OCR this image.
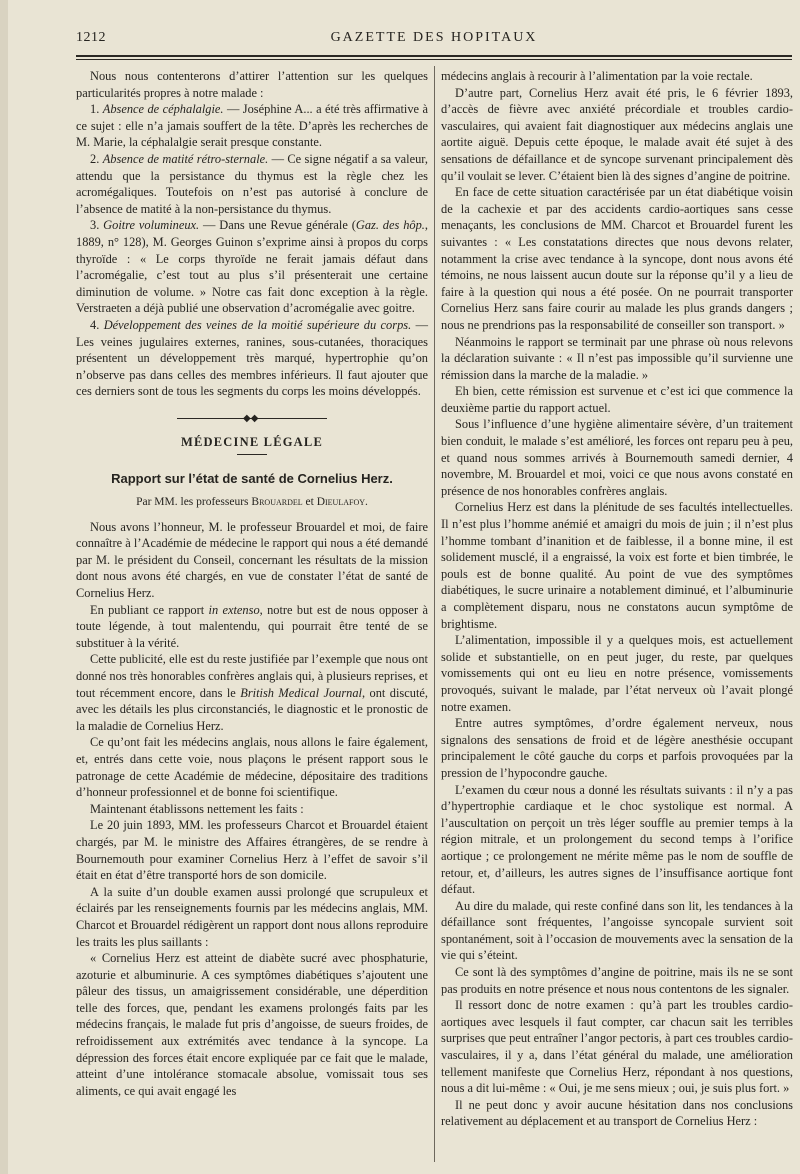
1212	GAZETTE DES HOPITAUX

Nous nous contenterons d’attirer l’attention sur les quelques particularités propres à notre malade :

1. Absence de céphalalgie. — Joséphine A... a été très affirmative à ce sujet : elle n’a jamais souffert de la tête. D’après les recherches de M. Marie, la céphalalgie serait presque constante.

2. Absence de matité rétro-sternale. — Ce signe négatif a sa valeur, attendu que la persistance du thymus est la règle chez les acromégaliques. Toutefois on n’est pas autorisé à conclure de l’absence de matité à la non-persistance du thymus.

3. Goitre volumineux. — Dans une Revue générale (Gaz. des hôp., 1889, n° 128), M. Georges Guinon s’exprime ainsi à propos du corps thyroïde : « Le corps thyroïde ne ferait jamais défaut dans l’acromégalie, c’est tout au plus s’il présenterait une certaine diminution de volume. » Notre cas fait donc exception à la règle. Verstraeten a déjà publié une observation d’acromégalie avec goitre.

4. Développement des veines de la moitié supérieure du corps. — Les veines jugulaires externes, ranines, sous-cutanées, thoraciques présentent un développement très marqué, hypertrophie qu’on n’observe pas dans celles des membres inférieurs. Il faut ajouter que ces derniers sont de tous les segments du corps les moins développés.

◆◆
MÉDECINE LÉGALE
Rapport sur l’état de santé de Cornelius Herz.
Par MM. les professeurs Brouardel et Dieulafoy.

Nous avons l’honneur, M. le professeur Brouardel et moi, de faire connaître à l’Académie de médecine le rapport qui nous a été demandé par M. le président du Conseil, concernant les résultats de la mission dont nous avons été chargés, en vue de constater l’état de santé de Cornelius Herz.

En publiant ce rapport in extenso, notre but est de nous opposer à toute légende, à tout malentendu, qui pourrait être tenté de se substituer à la vérité.

Cette publicité, elle est du reste justifiée par l’exemple que nous ont donné nos très honorables confrères anglais qui, à plusieurs reprises, et tout récemment encore, dans le British Medical Journal, ont discuté, avec les détails les plus circonstanciés, le diagnostic et le pronostic de la maladie de Cornelius Herz.

Ce qu’ont fait les médecins anglais, nous allons le faire également, et, entrés dans cette voie, nous plaçons le présent rapport sous le patronage de cette Académie de médecine, dépositaire des traditions d’honneur professionnel et de bonne foi scientifique.

Maintenant établissons nettement les faits :

Le 20 juin 1893, MM. les professeurs Charcot et Brouardel étaient chargés, par M. le ministre des Affaires étrangères, de se rendre à Bournemouth pour examiner Cornelius Herz à l’effet de savoir s’il était en état d’être transporté hors de son domicile.

A la suite d’un double examen aussi prolongé que scrupuleux et éclairés par les renseignements fournis par les médecins anglais, MM. Charcot et Brouardel rédigèrent un rapport dont nous allons reproduire les traits les plus saillants :

« Cornelius Herz est atteint de diabète sucré avec phosphaturie, azoturie et albuminurie. A ces symptômes diabétiques s’ajoutent une pâleur des tissus, un amaigrissement considérable, une déperdition telle des forces, que, pendant les examens prolongés faits par les médecins français, le malade fut pris d’angoisse, de sueurs froides, de refroidissement aux extrémités avec tendance à la syncope. La dépression des forces était encore expliquée par ce fait que le malade, atteint d’une intolérance stomacale absolue, vomissait tous ses aliments, ce qui avait engagé les

médecins anglais à recourir à l’alimentation par la voie rectale.

D’autre part, Cornelius Herz avait été pris, le 6 février 1893, d’accès de fièvre avec anxiété précordiale et troubles cardio-vasculaires, qui avaient fait diagnostiquer aux médecins anglais une aortite aiguë. Depuis cette époque, le malade avait été sujet à des sensations de défaillance et de syncope survenant principalement dès qu’il voulait se lever. C’étaient bien là des signes d’angine de poitrine.

En face de cette situation caractérisée par un état diabétique voisin de la cachexie et par des accidents cardio-aortiques sans cesse menaçants, les conclusions de MM. Charcot et Brouardel furent les suivantes : « Les constatations directes que nous devons relater, notamment la crise avec tendance à la syncope, dont nous avons été témoins, ne nous laissent aucun doute sur la réponse qu’il y a lieu de faire à la question qui nous a été posée. On ne pourrait transporter Cornelius Herz sans faire courir au malade les plus grands dangers ; nous ne prendrions pas la responsabilité de conseiller son transport. »

Néanmoins le rapport se terminait par une phrase où nous relevons la déclaration suivante : « Il n’est pas impossible qu’il survienne une rémission dans la marche de la maladie. »

Eh bien, cette rémission est survenue et c’est ici que commence la deuxième partie du rapport actuel.

Sous l’influence d’une hygiène alimentaire sévère, d’un traitement bien conduit, le malade s’est amélioré, les forces ont reparu peu à peu, et quand nous sommes arrivés à Bournemouth samedi dernier, 4 novembre, M. Brouardel et moi, voici ce que nous avons constaté en présence de nos honorables confrères anglais.

Cornelius Herz est dans la plénitude de ses facultés intellectuelles. Il n’est plus l’homme anémié et amaigri du mois de juin ; il n’est plus l’homme tombant d’inanition et de faiblesse, il a bonne mine, il est solidement musclé, il a engraissé, la voix est forte et bien timbrée, le pouls est de bonne qualité. Au point de vue des symptômes diabétiques, le sucre urinaire a notablement diminué, et l’albuminurie a complètement disparu, nous ne constatons aucun symptôme de brightisme.

L’alimentation, impossible il y a quelques mois, est actuellement solide et substantielle, on en peut juger, du reste, par quelques vomissements qui ont eu lieu en notre présence, vomissements provoqués, suivant le malade, par l’état nerveux où l’avait plongé notre examen.

Entre autres symptômes, d’ordre également nerveux, nous signalons des sensations de froid et de légère anesthésie occupant principalement le côté gauche du corps et parfois provoquées par la pression de l’hypocondre gauche.

L’examen du cœur nous a donné les résultats suivants : il n’y a pas d’hypertrophie cardiaque et le choc systolique est normal. A l’auscultation on perçoit un très léger souffle au premier temps à la région mitrale, et un prolongement du second temps à l’orifice aortique ; ce prolongement ne mérite même pas le nom de souffle de retour, et, d’ailleurs, les autres signes de l’insuffisance aortique font défaut.

Au dire du malade, qui reste confiné dans son lit, les tendances à la défaillance sont fréquentes, l’angoisse syncopale survient soit spontanément, soit à l’occasion de mouvements avec la sensation de la vie qui s’éteint.

Ce sont là des symptômes d’angine de poitrine, mais ils ne se sont pas produits en notre présence et nous nous contentons de les signaler.

Il ressort donc de notre examen : qu’à part les troubles cardio-aortiques avec lesquels il faut compter, car chacun sait les terribles surprises que peut entraîner l’angor pectoris, à part ces troubles cardio-vasculaires, il y a, dans l’état général du malade, une amélioration tellement manifeste que Cornelius Herz, répondant à nos questions, nous a dit lui-même : « Oui, je me sens mieux ; oui, je suis plus fort. »

Il ne peut donc y avoir aucune hésitation dans nos conclusions relativement au déplacement et au transport de Cornelius Herz :
